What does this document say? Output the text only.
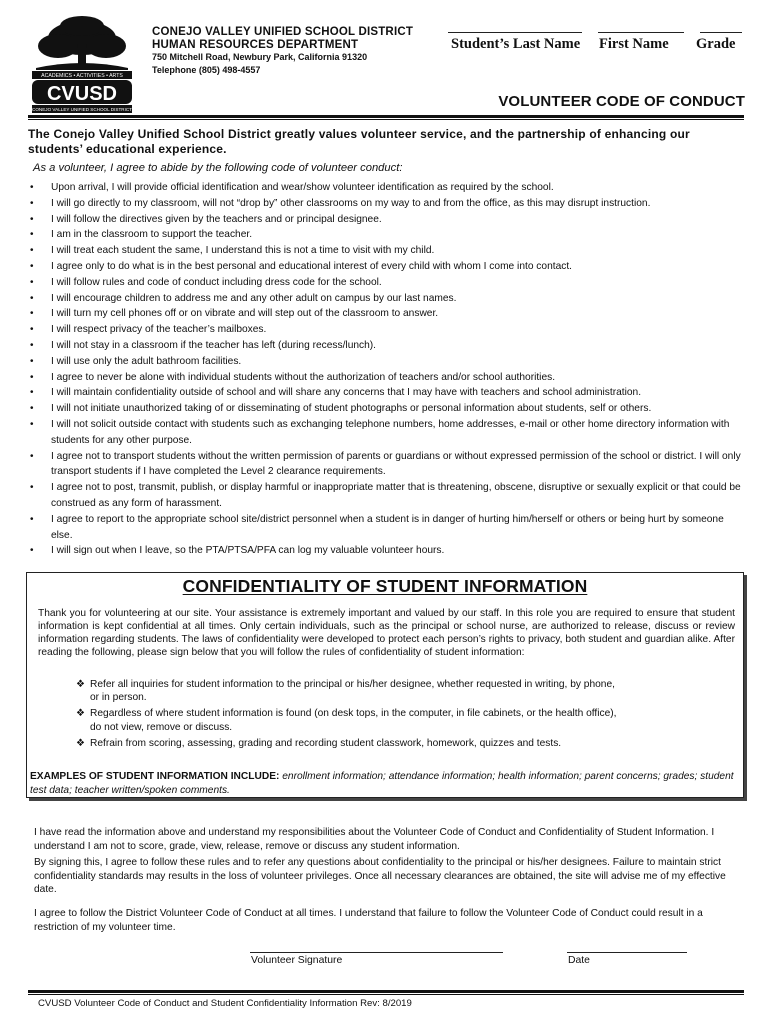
ACADEMICS • ACTIVITIES • ARTS
CVUSD
CONEJO VALLEY UNIFIED SCHOOL DISTRICT
CONEJO VALLEY UNIFIED SCHOOL DISTRICT
HUMAN RESOURCES DEPARTMENT
750 Mitchell Road, Newbury Park, California 91320
Telephone (805) 498-4557
Student’s Last Name First Name Grade
VOLUNTEER CODE OF CONDUCT
The Conejo Valley Unified School District greatly values volunteer service, and the partnership of enhancing our students’ educational experience.
As a volunteer, I agree to abide by the following code of volunteer conduct:
• Upon arrival, I will provide official identification and wear/show volunteer identification as required by the school.
• I will go directly to my classroom, will not “drop by” other classrooms on my way to and from the office, as this may disrupt instruction.
• I will follow the directives given by the teachers and or principal designee.
• I am in the classroom to support the teacher.
• I will treat each student the same, I understand this is not a time to visit with my child.
• I agree only to do what is in the best personal and educational interest of every child with whom I come into contact.
• I will follow rules and code of conduct including dress code for the school.
• I will encourage children to address me and any other adult on campus by our last names.
• I will turn my cell phones off or on vibrate and will step out of the classroom to answer.
• I will respect privacy of the teacher’s mailboxes.
• I will not stay in a classroom if the teacher has left (during recess/lunch).
• I will use only the adult bathroom facilities.
• I agree to never be alone with individual students without the authorization of teachers and/or school authorities.
• I will maintain confidentiality outside of school and will share any concerns that I may have with teachers and school administration.
• I will not initiate unauthorized taking of or disseminating of student photographs or personal information about students, self or others.
• I will not solicit outside contact with students such as exchanging telephone numbers, home addresses, e-mail or other home directory information with students for any other purpose.
• I agree not to transport students without the written permission of parents or guardians or without expressed permission of the school or district. I will only transport students if I have completed the Level 2 clearance requirements.
• I agree not to post, transmit, publish, or display harmful or inappropriate matter that is threatening, obscene, disruptive or sexually explicit or that could be construed as any form of harassment.
• I agree to report to the appropriate school site/district personnel when a student is in danger of hurting him/herself or others or being hurt by someone else.
• I will sign out when I leave, so the PTA/PTSA/PFA can log my valuable volunteer hours.
CONFIDENTIALITY OF STUDENT INFORMATION
Thank you for volunteering at our site. Your assistance is extremely important and valued by our staff. In this role you are required to ensure that student information is kept confidential at all times. Only certain individuals, such as the principal or school nurse, are authorized to release, discuss or review information regarding students. The laws of confidentiality were developed to protect each person’s rights to privacy, both student and guardian alike. After reading the following, please sign below that you will follow the rules of confidentiality of student information:
❖ Refer all inquiries for student information to the principal or his/her designee, whether requested in writing, by phone,
or in person.
❖ Regardless of where student information is found (on desk tops, in the computer, in file cabinets, or the health office),
do not view, remove or discuss.
❖ Refrain from scoring, assessing, grading and recording student classwork, homework, quizzes and tests.
EXAMPLES OF STUDENT INFORMATION INCLUDE: enrollment information; attendance information; health information; parent concerns; grades; student test data; teacher written/spoken comments.

I have read the information above and understand my responsibilities about the Volunteer Code of Conduct and Confidentiality of Student Information. I understand I am not to score, grade, view, release, remove or discuss any student information.

By signing this, I agree to follow these rules and to refer any questions about confidentiality to the principal or his/her designees. Failure to maintain strict confidentiality standards may results in the loss of volunteer privileges. Once all necessary clearances are obtained, the site will advise me of my effective date.

I agree to follow the District Volunteer Code of Conduct at all times. I understand that failure to follow the Volunteer Code of Conduct could result in a restriction of my volunteer time.

Volunteer Signature	Date
CVUSD Volunteer Code of Conduct and Student Confidentiality Information Rev: 8/2019
